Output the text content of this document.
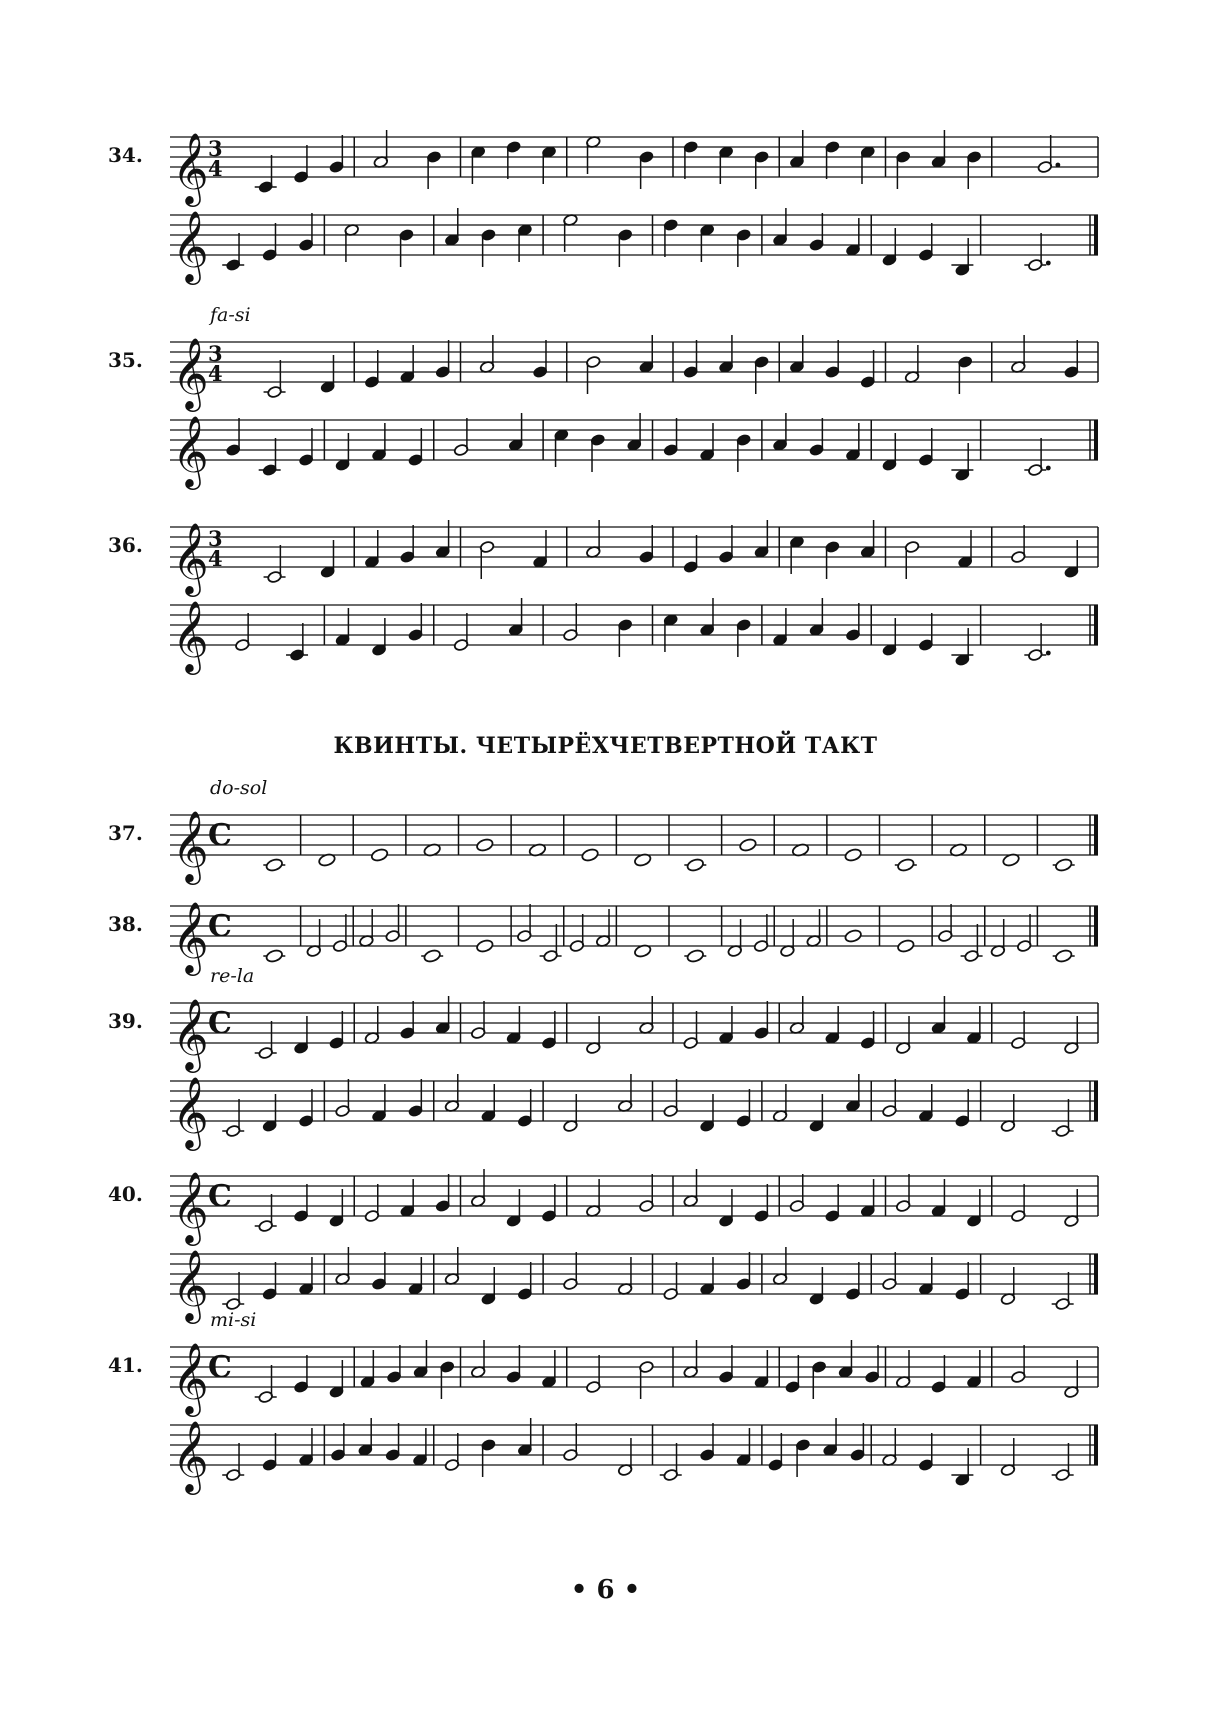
КВИНТЫ. ЧЕТЫРЁХЧЕТВЕРТНОЙ ТАКТ
• 6 •
𝄞 3
4
𝄞
𝄞 3
4
𝄞
𝄞 3
4
𝄞
𝄞 C
𝄞 C
𝄞 C
𝄞
𝄞 C
𝄞
𝄞 C
𝄞
34.
35.
fa-si
36.
37.
do-sol
38.
39.
re-la
40.
41.
mi-si
